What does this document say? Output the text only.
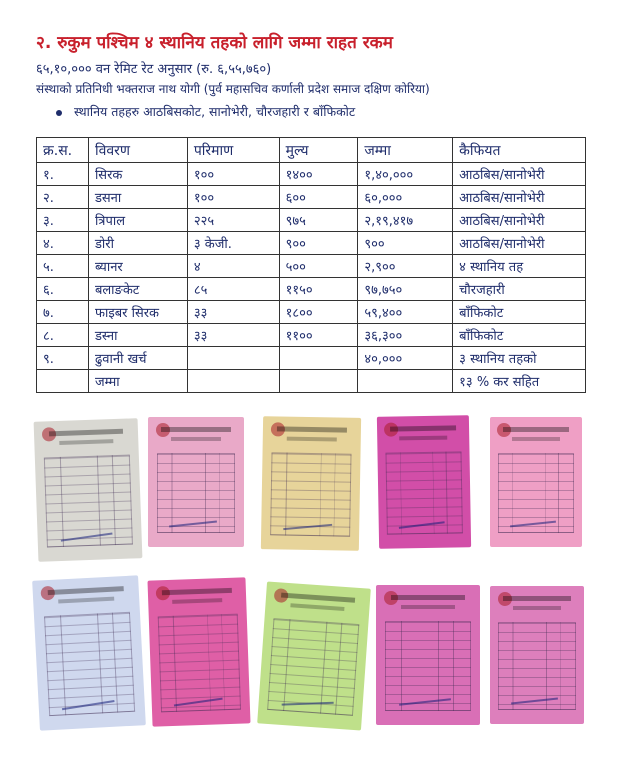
२. रुकुम पश्चिम ४ स्थानिय तहको लागि जम्मा राहत रकम
६५,१०,००० वन रेमिट रेट अनुसार (रु. ६,५५,७६०)
संस्थाको प्रतिनिधी भक्तराज नाथ योगी (पुर्व महासचिव कर्णाली प्रदेश समाज दक्षिण कोरिया)
स्थानिय तहहरु आठबिसकोट, सानोभेरी, चौरजहारी र बाँफिकोट
क्र.स.	विवरण	परिमाण	मुल्य	जम्मा	कैफियत
१.	सिरक	१००	१४००	१,४०,०००	आठबिस/सानोभेरी
२.	डसना	१००	६००	६०,०००	आठबिस/सानोभेरी
३.	त्रिपाल	२२५	९७५	२,१९,४१७	आठबिस/सानोभेरी
४.	डोरी	३ केजी.	९००	९००	आठबिस/सानोभेरी
५.	ब्यानर	४	५००	२,९००	४ स्थानिय तह
६.	बलाङकेट	८५	११५०	९७,७५०	चौरजहारी
७.	फाइबर सिरक	३३	१८००	५९,४००	बाँफिकोट
८.	डस्ना	३३	११००	३६,३००	बाँफिकोट
९.	ढुवानी खर्च			४०,०००	३ स्थानिय तहको
	जम्मा				१३ % कर सहित
